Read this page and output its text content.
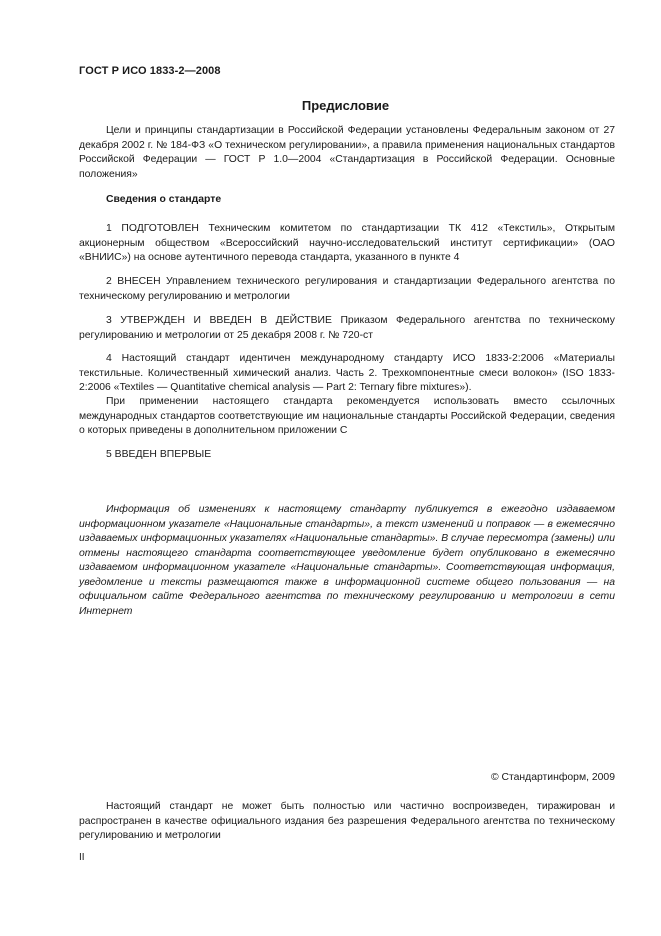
ГОСТ Р ИСО 1833-2—2008
Предисловие

Цели и принципы стандартизации в Российской Федерации установлены Федеральным законом от 27 декабря 2002 г. № 184-ФЗ «О техническом регулировании», а правила применения национальных стандартов Российской Федерации — ГОСТ Р 1.0—2004 «Стандартизация в Российской Федерации. Основные положения»

Сведения о стандарте

1 ПОДГОТОВЛЕН Техническим комитетом по стандартизации ТК 412 «Текстиль», Открытым акционерным обществом «Всероссийский научно-исследовательский институт сертификации» (ОАО «ВНИИС») на основе аутентичного перевода стандарта, указанного в пункте 4

2 ВНЕСЕН Управлением технического регулирования и стандартизации Федерального агентства по техническому регулированию и метрологии

3 УТВЕРЖДЕН И ВВЕДЕН В ДЕЙСТВИЕ Приказом Федерального агентства по техническому регулированию и метрологии от 25 декабря 2008 г. № 720-ст

4 Настоящий стандарт идентичен международному стандарту ИСО 1833-2:2006 «Материалы текстильные. Количественный химический анализ. Часть 2. Трехкомпонентные смеси волокон» (ISO 1833-2:2006 «Textiles — Quantitative chemical analysis — Part 2: Ternary fibre mixtures»).

При применении настоящего стандарта рекомендуется использовать вместо ссылочных международных стандартов соответствующие им национальные стандарты Российской Федерации, сведения о которых приведены в дополнительном приложении С

5 ВВЕДЕН ВПЕРВЫЕ

Информация об изменениях к настоящему стандарту публикуется в ежегодно издаваемом информационном указателе «Национальные стандарты», а текст изменений и поправок — в ежемесячно издаваемых информационных указателях «Национальные стандарты». В случае пересмотра (замены) или отмены настоящего стандарта соответствующее уведомление будет опубликовано в ежемесячно издаваемом информационном указателе «Национальные стандарты». Соответствующая информация, уведомление и тексты размещаются также в информационной системе общего пользования — на официальном сайте Федерального агентства по техническому регулированию и метрологии в сети Интернет

© Стандартинформ, 2009

Настоящий стандарт не может быть полностью или частично воспроизведен, тиражирован и распространен в качестве официального издания без разрешения Федерального агентства по техническому регулированию и метрологии

II
